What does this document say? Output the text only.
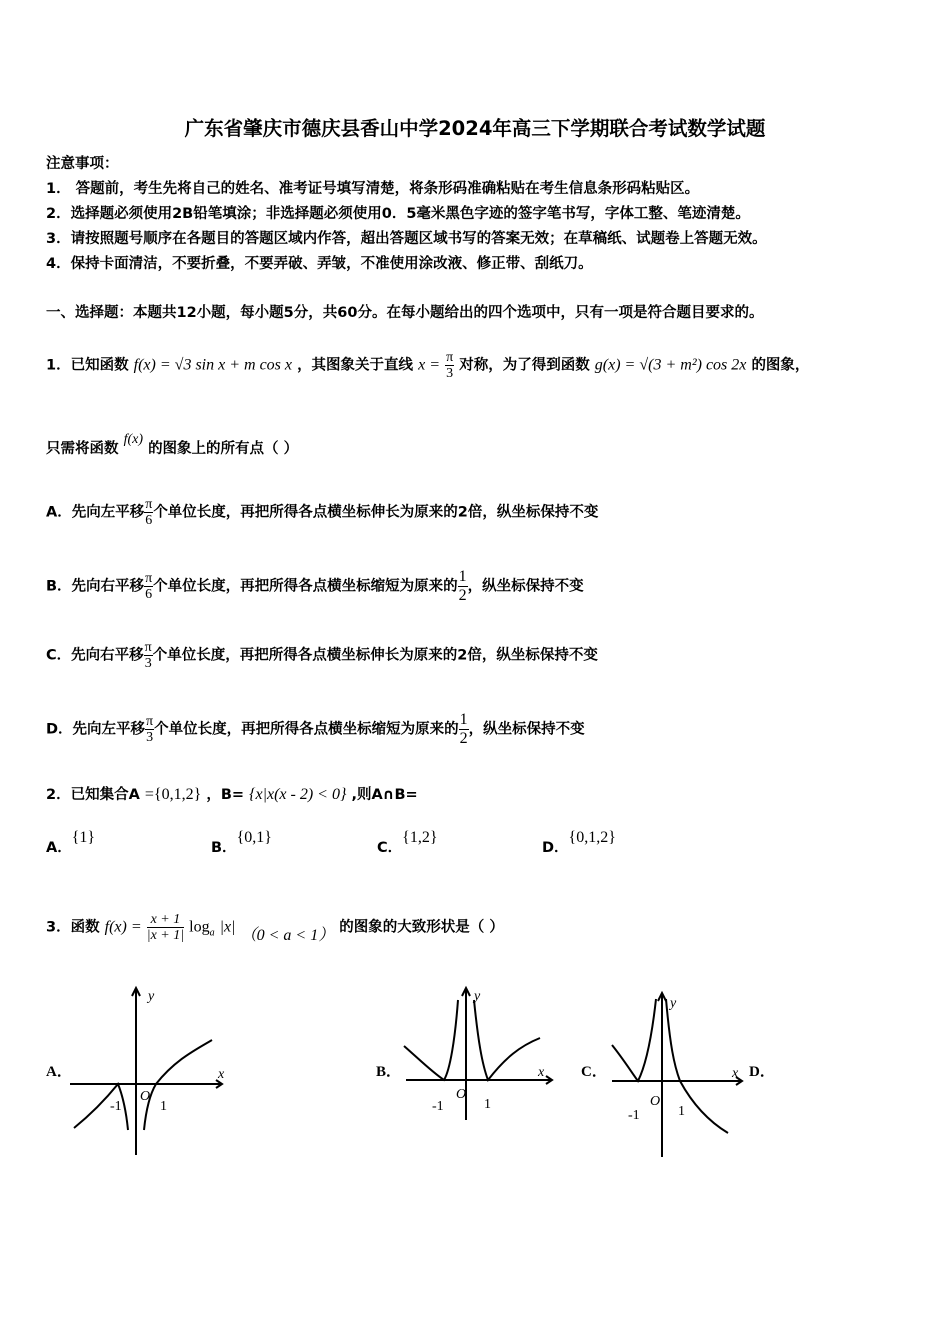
广东省肇庆市德庆县香山中学2024年高三下学期联合考试数学试题
注意事项：
1． 答题前，考生先将自己的姓名、准考证号填写清楚，将条形码准确粘贴在考生信息条形码粘贴区。
2．选择题必须使用2B铅笔填涂；非选择题必须使用0．5毫米黑色字迹的签字笔书写，字体工整、笔迹清楚。
3．请按照题号顺序在各题目的答题区域内作答，超出答题区域书写的答案无效；在草稿纸、试题卷上答题无效。
4．保持卡面清洁，不要折叠，不要弄破、弄皱，不准使用涂改液、修正带、刮纸刀。
一、选择题：本题共12小题，每小题5分，共60分。在每小题给出的四个选项中，只有一项是符合题目要求的。
1．已知函数 f(x) = √3 sin x + m cos x ，其图象关于直线 $x = \frac{\pi}{3}$ 对称，为了得到函数 g(x) = √(3 + m²) cos 2x 的图象，
只需将函数 f(x) 的图象上的所有点（ ）
A．先向左平移 $\frac{\pi}{6}$ 个单位长度，再把所得各点横坐标伸长为原来的2倍，纵坐标保持不变
B．先向右平移 $\frac{\pi}{6}$ 个单位长度，再把所得各点横坐标缩短为原来的 $\frac{1}{2}$ ，纵坐标保持不变
C．先向右平移 $\frac{\pi}{3}$ 个单位长度，再把所得各点横坐标伸长为原来的2倍，纵坐标保持不变
D．先向左平移 $\frac{\pi}{3}$ 个单位长度，再把所得各点横坐标缩短为原来的 $\frac{1}{2}$ ，纵坐标保持不变
2．已知集合A ={0,1,2} ，B= {x|x(x - 2) < 0} ,则A∩B=
A．{1}
B．{0,1}
C．{1,2}
D．{0,1,2}
3．函数 $f(x) = \frac{x + 1}{|x + 1|} \log_a |x|$ （0 < a < 1） 的图象的大致形状是（ ）
A．	B．	C．	D．
y
x
O
-1	1
y
x
O
-1	1
y
x
O
-1	1
